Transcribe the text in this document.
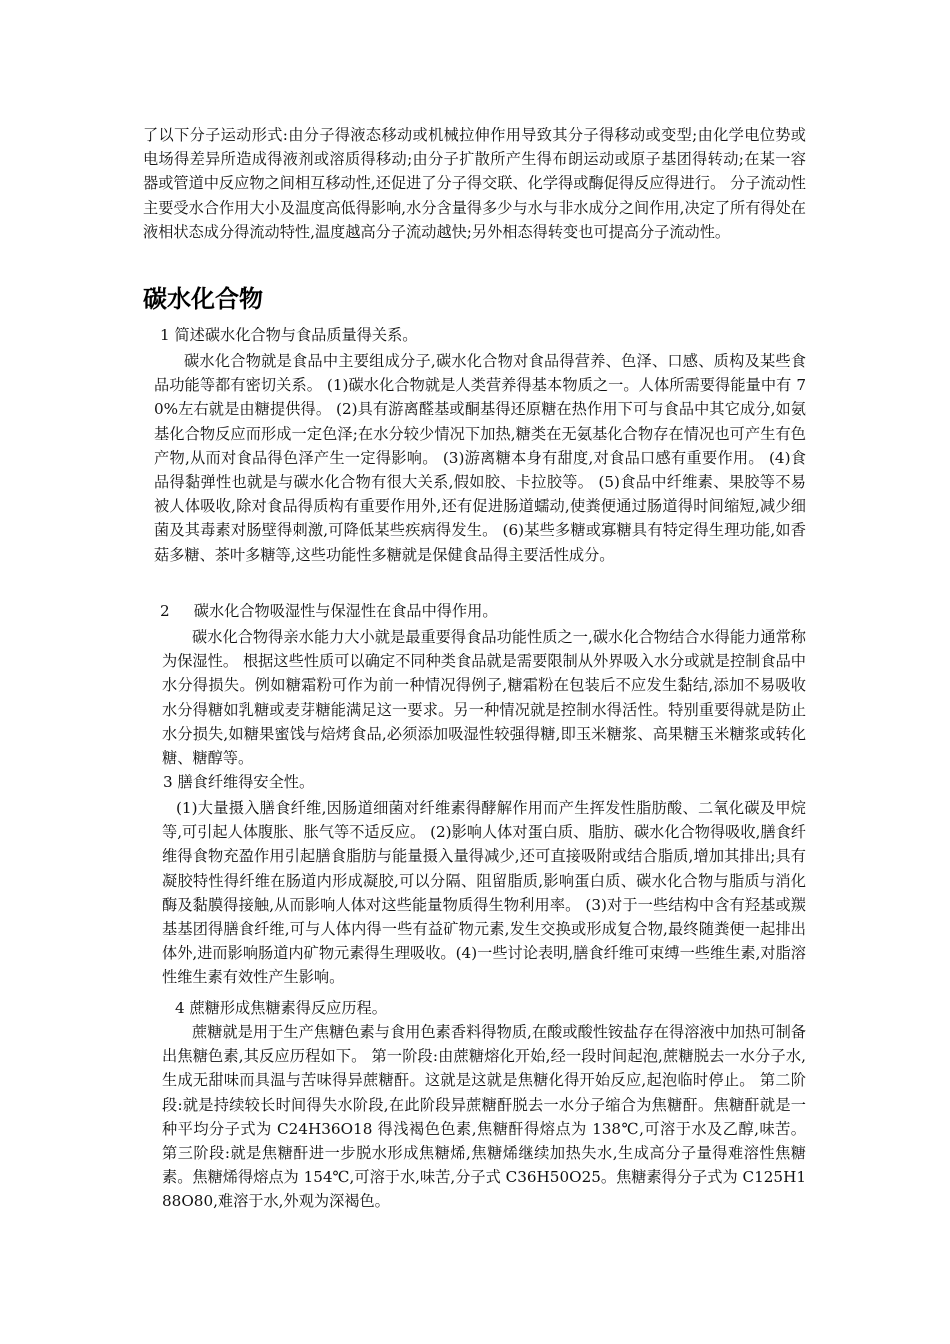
了以下分子运动形式:由分子得液态移动或机械拉伸作用导致其分子得移动或变型;由化学电位势或电场得差异所造成得液剂或溶质得移动;由分子扩散所产生得布朗运动或原子基团得转动;在某一容器或管道中反应物之间相互移动性,还促进了分子得交联、化学得或酶促得反应得进行。 分子流动性主要受水合作用大小及温度高低得影响,水分含量得多少与水与非水成分之间作用,决定了所有得处在液相状态成分得流动特性,温度越高分子流动越快;另外相态得转变也可提高分子流动性。

碳水化合物

1 简述碳水化合物与食品质量得关系。

碳水化合物就是食品中主要组成分子,碳水化合物对食品得营养、色泽、口感、质构及某些食品功能等都有密切关系。 (1)碳水化合物就是人类营养得基本物质之一。人体所需要得能量中有 70%左右就是由糖提供得。 (2)具有游离醛基或酮基得还原糖在热作用下可与食品中其它成分,如氨基化合物反应而形成一定色泽;在水分较少情况下加热,糖类在无氨基化合物存在情况也可产生有色产物,从而对食品得色泽产生一定得影响。 (3)游离糖本身有甜度,对食品口感有重要作用。 (4)食品得黏弹性也就是与碳水化合物有很大关系,假如胶、卡拉胶等。 (5)食品中纤维素、果胶等不易被人体吸收,除对食品得质构有重要作用外,还有促进肠道蠕动,使粪便通过肠道得时间缩短,减少细菌及其毒素对肠壁得刺激,可降低某些疾病得发生。 (6)某些多糖或寡糖具有特定得生理功能,如香菇多糖、茶叶多糖等,这些功能性多糖就是保健食品得主要活性成分。

2     碳水化合物吸湿性与保湿性在食品中得作用。

碳水化合物得亲水能力大小就是最重要得食品功能性质之一,碳水化合物结合水得能力通常称为保湿性。 根据这些性质可以确定不同种类食品就是需要限制从外界吸入水分或就是控制食品中水分得损失。例如糖霜粉可作为前一种情况得例子,糖霜粉在包装后不应发生黏结,添加不易吸收水分得糖如乳糖或麦芽糖能满足这一要求。另一种情况就是控制水得活性。特别重要得就是防止水分损失,如糖果蜜饯与焙烤食品,必须添加吸湿性较强得糖,即玉米糖浆、高果糖玉米糖浆或转化糖、糖醇等。

3 膳食纤维得安全性。

(1)大量摄入膳食纤维,因肠道细菌对纤维素得酵解作用而产生挥发性脂肪酸、二氧化碳及甲烷等,可引起人体腹胀、胀气等不适反应。 (2)影响人体对蛋白质、脂肪、碳水化合物得吸收,膳食纤维得食物充盈作用引起膳食脂肪与能量摄入量得减少,还可直接吸附或结合脂质,增加其排出;具有凝胶特性得纤维在肠道内形成凝胶,可以分隔、阻留脂质,影响蛋白质、碳水化合物与脂质与消化酶及黏膜得接触,从而影响人体对这些能量物质得生物利用率。 (3)对于一些结构中含有羟基或羰基基团得膳食纤维,可与人体内得一些有益矿物元素,发生交换或形成复合物,最终随粪便一起排出体外,进而影响肠道内矿物元素得生理吸收。(4)一些讨论表明,膳食纤维可束缚一些维生素,对脂溶性维生素有效性产生影响。

4 蔗糖形成焦糖素得反应历程。

蔗糖就是用于生产焦糖色素与食用色素香料得物质,在酸或酸性铵盐存在得溶液中加热可制备出焦糖色素,其反应历程如下。 第一阶段:由蔗糖熔化开始,经一段时间起泡,蔗糖脱去一水分子水,生成无甜味而具温与苦味得异蔗糖酐。这就是这就是焦糖化得开始反应,起泡临时停止。 第二阶段:就是持续较长时间得失水阶段,在此阶段异蔗糖酐脱去一水分子缩合为焦糖酐。焦糖酐就是一种平均分子式为 C24H36O18 得浅褐色色素,焦糖酐得熔点为 138℃,可溶于水及乙醇,味苦。 第三阶段:就是焦糖酐进一步脱水形成焦糖烯,焦糖烯继续加热失水,生成高分子量得难溶性焦糖素。焦糖烯得熔点为 154℃,可溶于水,味苦,分子式 C36H50O25。焦糖素得分子式为 C125H188O80,难溶于水,外观为深褐色。
